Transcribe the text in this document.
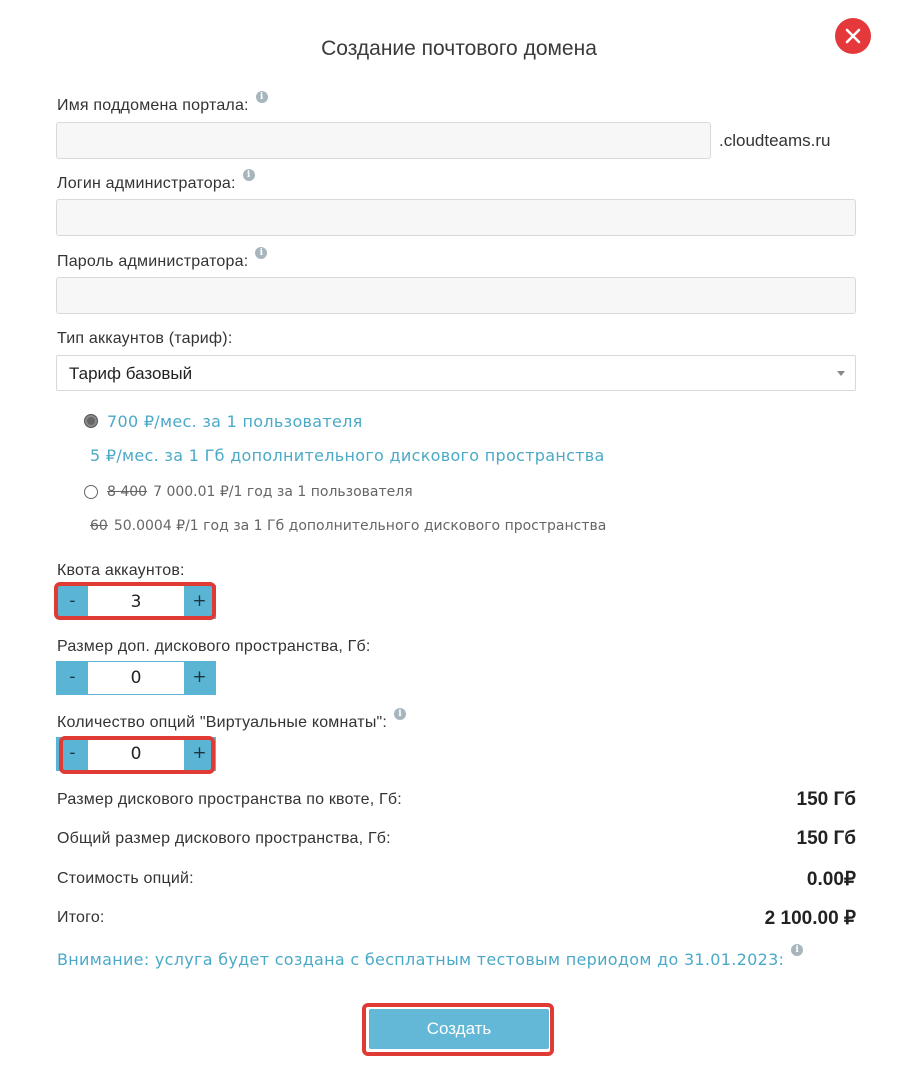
Создание почтового домена
Имя поддомена портала: i
.cloudteams.ru
Логин администратора: i
Пароль администратора: i
Тип аккаунтов (тариф):
Тариф базовый
700 ₽/мес. за 1 пользователя
5 ₽/мес. за 1 Гб дополнительного дискового пространства
8 400 7 000.01 ₽/1 год за 1 пользователя
60 50.0004 ₽/1 год за 1 Гб дополнительного дискового пространства
Квота аккаунтов:
-	3	+
Размер доп. дискового пространства, Гб:
-	0	+
Количество опций "Виртуальные комнаты": i
-	0	+
Размер дискового пространства по квоте, Гб:	150 Гб
Общий размер дискового пространства, Гб:	150 Гб
Стоимость опций:	0.00₽
Итого:	2 100.00 ₽
Внимание: услуга будет создана с бесплатным тестовым периодом до 31.01.2023: i
Создать
